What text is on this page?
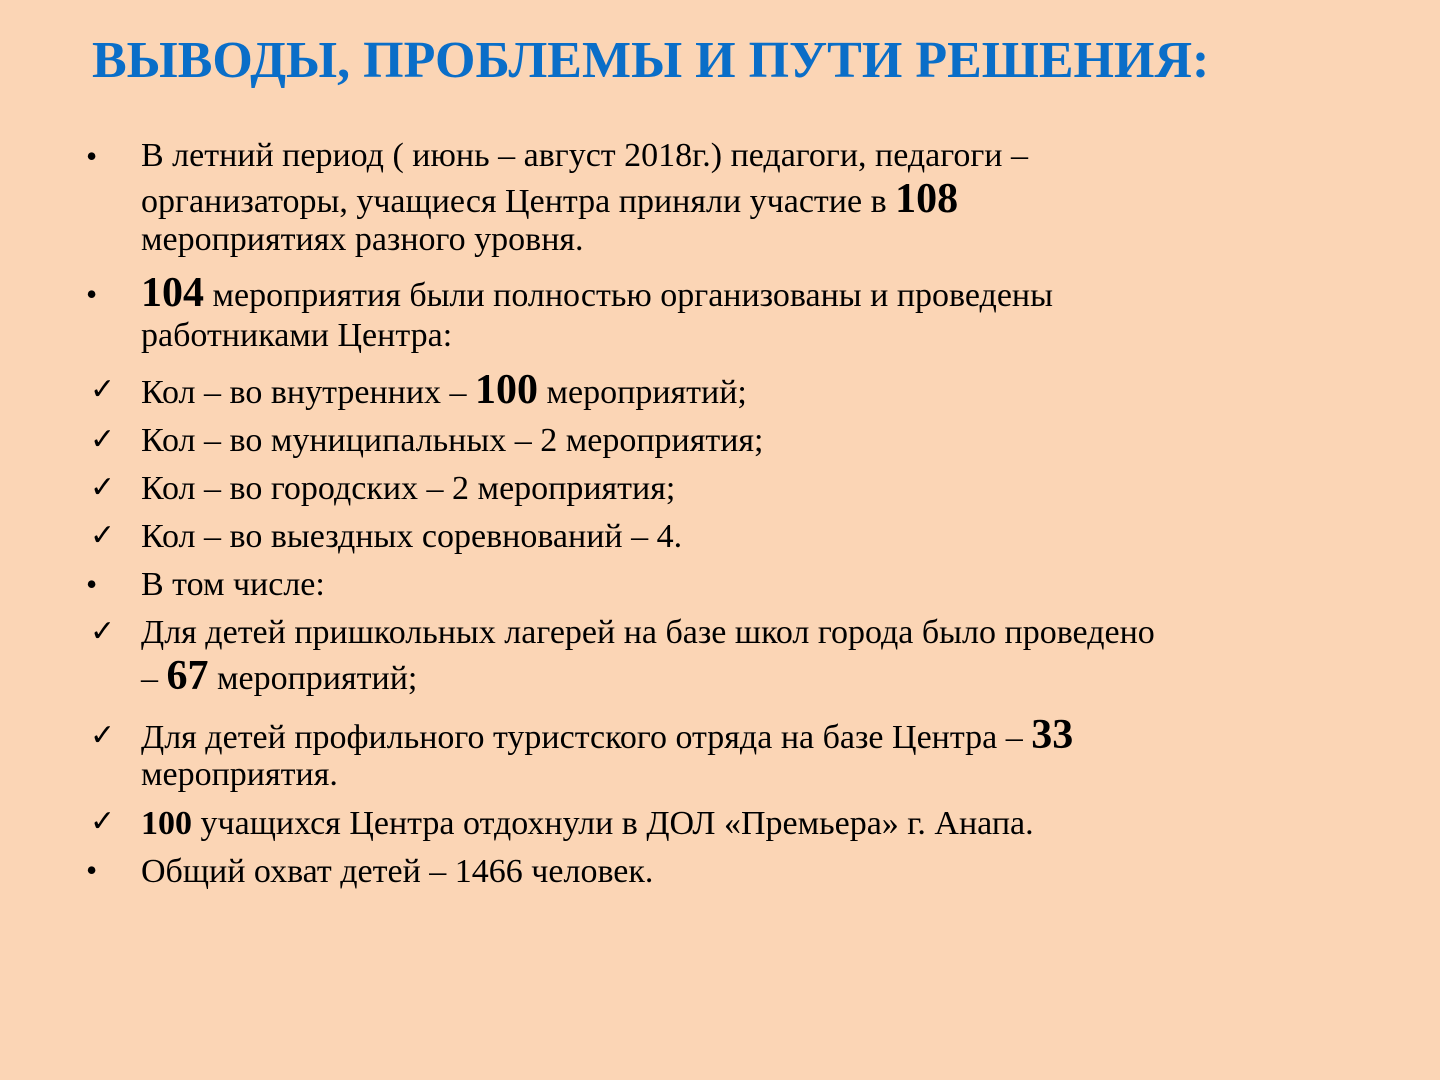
ВЫВОДЫ, ПРОБЛЕМЫ И ПУТИ РЕШЕНИЯ:
•	В летний период ( июнь – август 2018г.) педагоги, педагоги –
организаторы, учащиеся Центра приняли участие в 108
мероприятиях разного уровня.
•	104 мероприятия были полностью организованы и проведены
работниками Центра:
✓ Кол – во внутренних – 100 мероприятий;
✓ Кол – во муниципальных – 2 мероприятия;
✓ Кол – во городских – 2 мероприятия;
✓ Кол – во выездных соревнований – 4.
•	В том числе:
✓ Для детей пришкольных лагерей на базе школ города было проведено
– 67 мероприятий;
✓ Для детей профильного туристского отряда на базе Центра – 33
мероприятия.
✓ 100 учащихся Центра отдохнули в ДОЛ «Премьера» г. Анапа.
•	Общий охват детей – 1466 человек.
